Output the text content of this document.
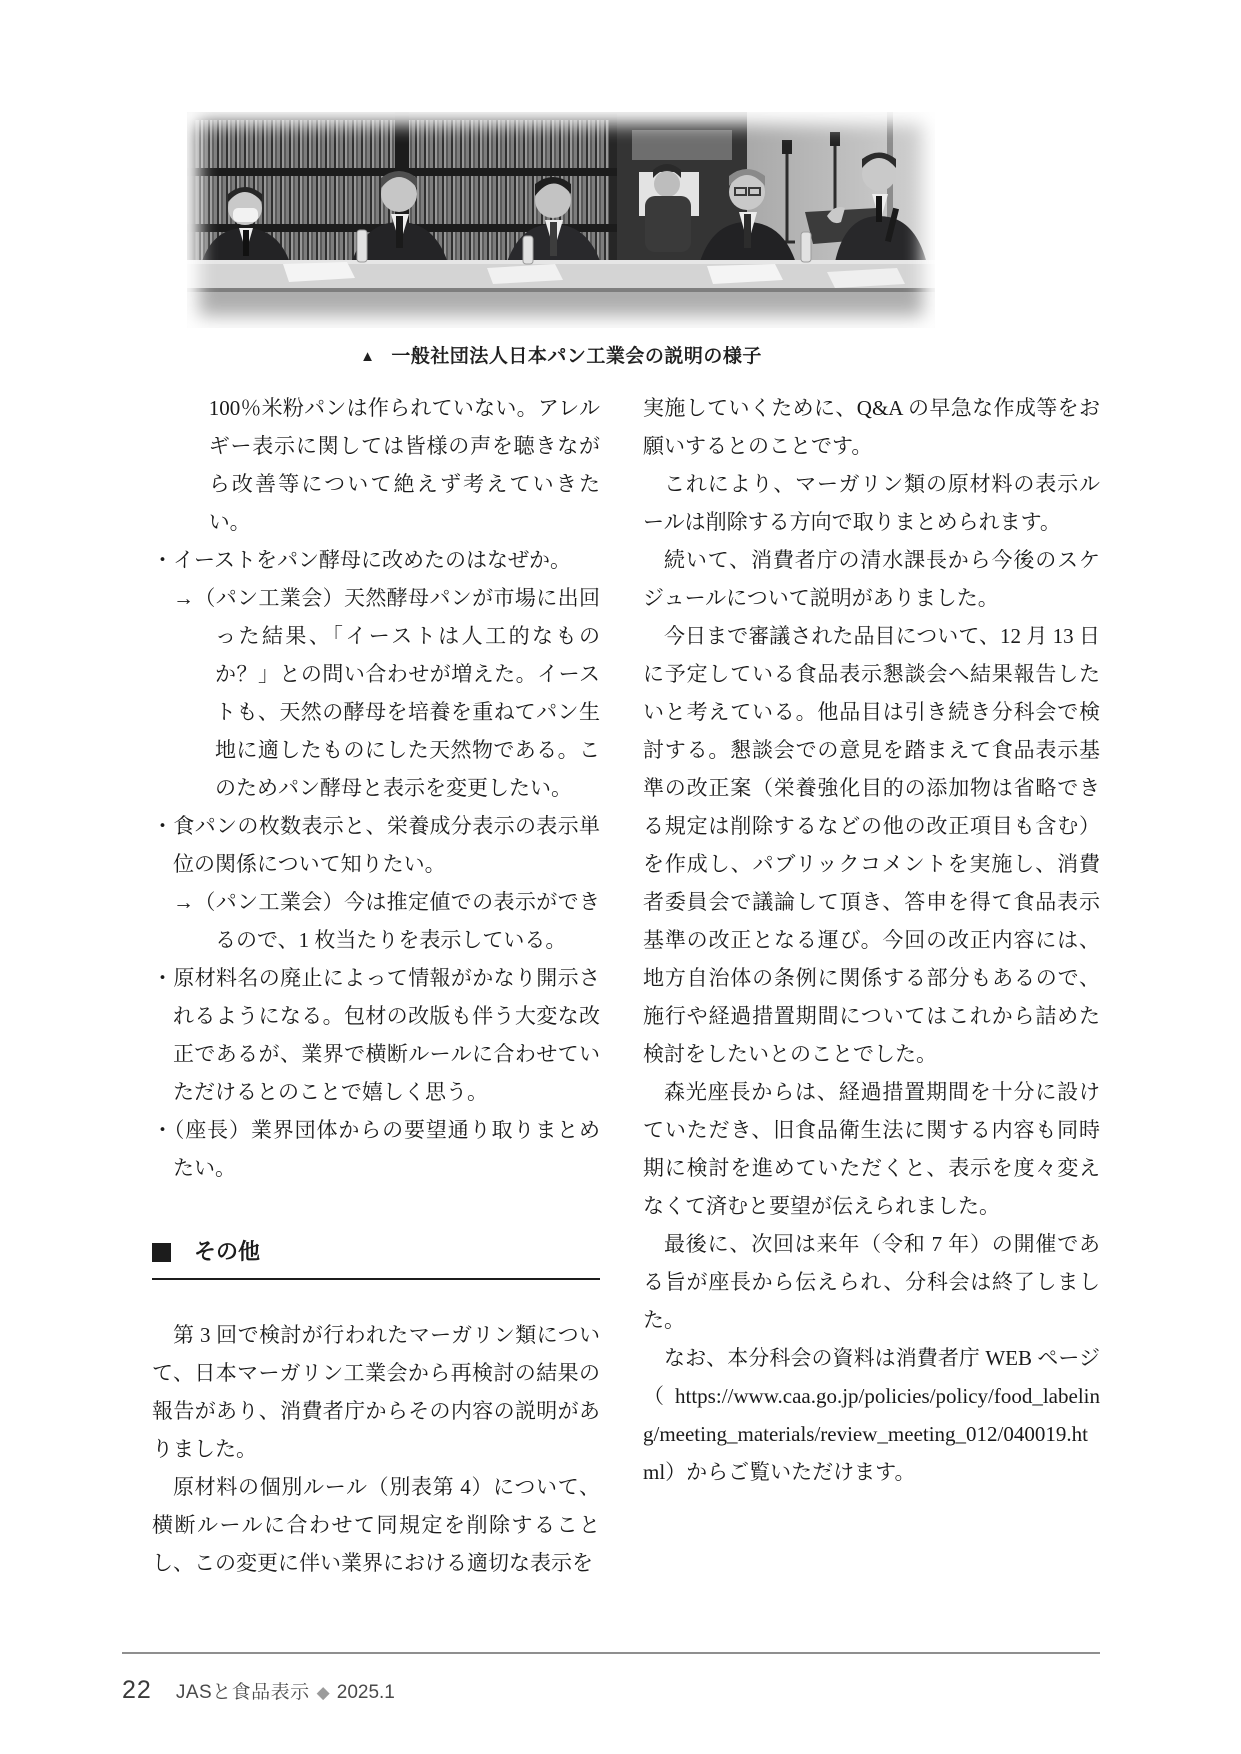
▲ 一般社団法人日本パン工業会の説明の様子

100％米粉パンは作られていない。アレルギー表示に関しては皆様の声を聴きながら改善等について絶えず考えていきたい。

・イーストをパン酵母に改めたのはなぜか。

→（パン工業会）天然酵母パンが市場に出回った結果、「イーストは人工的なものか？」との問い合わせが増えた。イーストも、天然の酵母を培養を重ねてパン生地に適したものにした天然物である。このためパン酵母と表示を変更したい。

・食パンの枚数表示と、栄養成分表示の表示単位の関係について知りたい。

→（パン工業会）今は推定値での表示ができるので、1 枚当たりを表示している。

・原材料名の廃止によって情報がかなり開示されるようになる。包材の改版も伴う大変な改正であるが、業界で横断ルールに合わせていただけるとのことで嬉しく思う。

・（座長）業界団体からの要望通り取りまとめたい。

その他

第 3 回で検討が行われたマーガリン類について、日本マーガリン工業会から再検討の結果の報告があり、消費者庁からその内容の説明がありました。

原材料の個別ルール（別表第 4）について、横断ルールに合わせて同規定を削除することし、この変更に伴い業界における適切な表示を

実施していくために、Q&A の早急な作成等をお願いするとのことです。

これにより、マーガリン類の原材料の表示ルールは削除する方向で取りまとめられます。

続いて、消費者庁の清水課長から今後のスケジュールについて説明がありました。

今日まで審議された品目について、12 月 13 日に予定している食品表示懇談会へ結果報告したいと考えている。他品目は引き続き分科会で検討する。懇談会での意見を踏まえて食品表示基準の改正案（栄養強化目的の添加物は省略できる規定は削除するなどの他の改正項目も含む）を作成し、パブリックコメントを実施し、消費者委員会で議論して頂き、答申を得て食品表示基準の改正となる運び。今回の改正内容には、地方自治体の条例に関係する部分もあるので、施行や経過措置期間についてはこれから詰めた検討をしたいとのことでした。

森光座長からは、経過措置期間を十分に設けていただき、旧食品衛生法に関する内容も同時期に検討を進めていただくと、表示を度々変えなくて済むと要望が伝えられました。

最後に、次回は来年（令和 7 年）の開催である旨が座長から伝えられ、分科会は終了しました。

なお、本分科会の資料は消費者庁 WEB ページ（https://www.caa.go.jp/policies/policy/food_labeling/meeting_materials/review_meeting_012/040019.html）からご覧いただけます。

22 JASと食品表示 ◆ 2025.1
